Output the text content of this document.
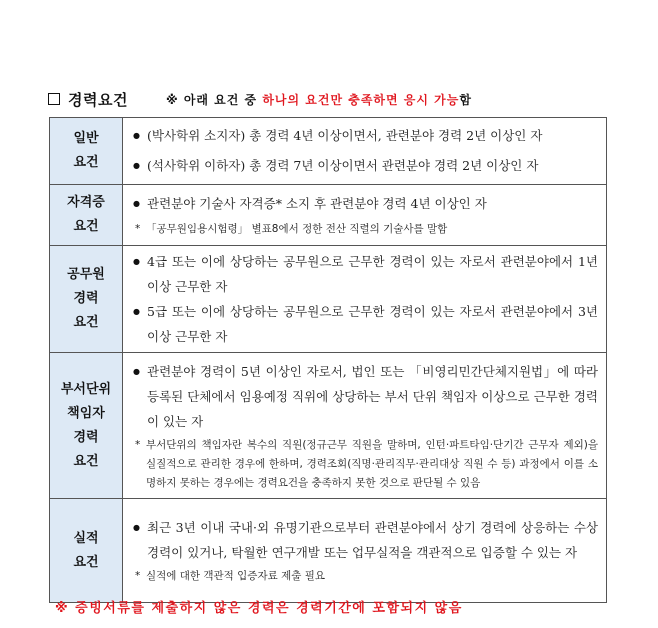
경력요건	※ 아래 요건 중 하나의 요건만 충족하면 응시 가능함
일반
요건

● (박사학위 소지자) 총 경력 4년 이상이면서, 관련분야 경력 2년 이상인 자
● (석사학위 이하자) 총 경력 7년 이상이면서 관련분야 경력 2년 이상인 자

자격증
요건

● 관련분야 기술사 자격증* 소지 후 관련분야 경력 4년 이상인 자
* 「공무원임용시험령」 별표8에서 정한 전산 직렬의 기술사를 말함

공무원
경력
요건

● 4급 또는 이에 상당하는 공무원으로 근무한 경력이 있는 자로서 관련분야에서 1년 이상 근무한 자
● 5급 또는 이에 상당하는 공무원으로 근무한 경력이 있는 자로서 관련분야에서 3년 이상 근무한 자

부서단위
책임자
경력
요건

● 관련분야 경력이 5년 이상인 자로서, 법인 또는 「비영리민간단체지원법」에 따라 등록된 단체에서 임용예정 직위에 상당하는 부서 단위 책임자 이상으로 근무한 경력이 있는 자
* 부서단위의 책임자란 복수의 직원(정규근무 직원을 말하며, 인턴·파트타임·단기간 근무자 제외)을 실질적으로 관리한 경우에 한하며, 경력조회(직명·관리직무·관리대상 직원 수 등) 과정에서 이를 소명하지 못하는 경우에는 경력요건을 충족하지 못한 것으로 판단될 수 있음

실적
요건

● 최근 3년 이내 국내·외 유명기관으로부터 관련분야에서 상기 경력에 상응하는 수상경력이 있거나, 탁월한 연구개발 또는 업무실적을 객관적으로 입증할 수 있는 자
* 실적에 대한 객관적 입증자료 제출 필요
※ 증빙서류를 제출하지 않은 경력은 경력기간에 포함되지 않음
